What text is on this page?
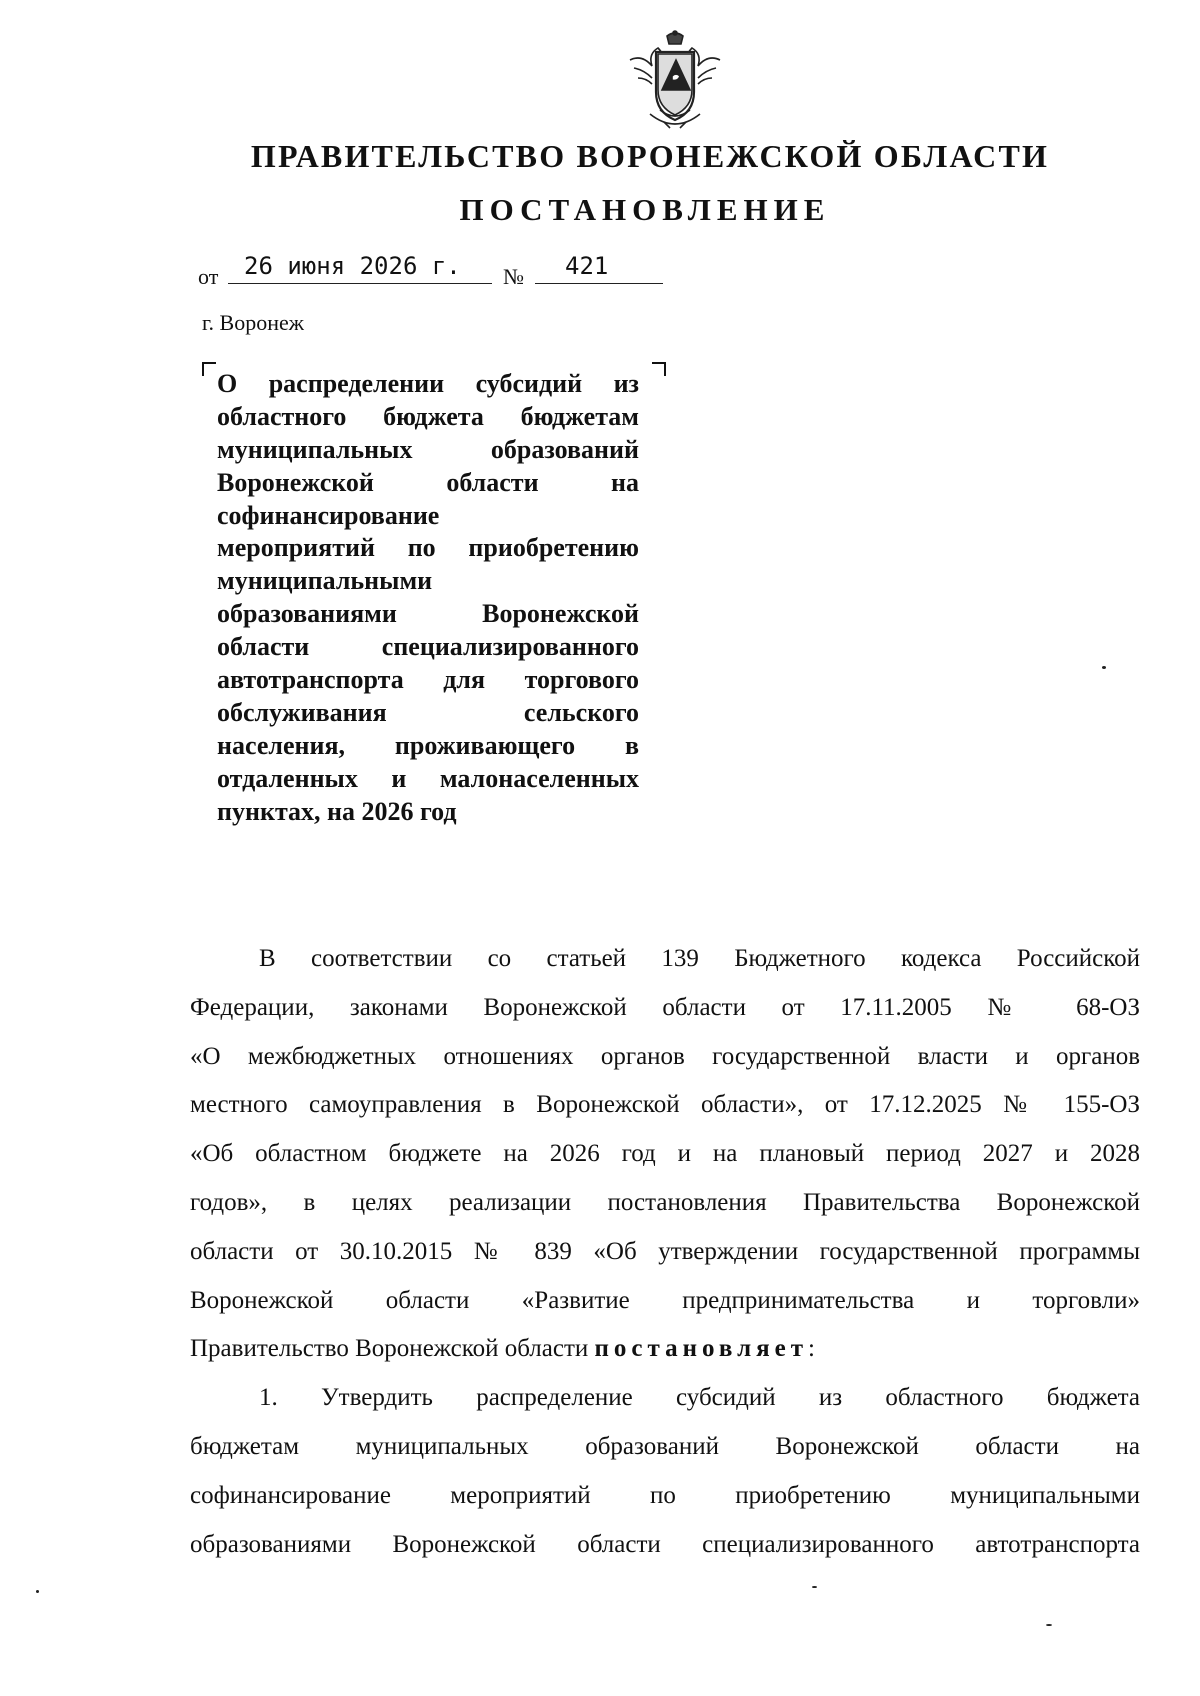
ПРАВИТЕЛЬСТВО ВОРОНЕЖСКОЙ ОБЛАСТИ
ПОСТАНОВЛЕНИЕ
от	26 июня 2026 г.	№	421
г. Воронеж
О распределении субсидий из
областного бюджета бюджетам
муниципальных образований
Воронежской области на
софинансирование
мероприятий по приобретению
муниципальными
образованиями Воронежской
области специализированного
автотранспорта для торгового
обслуживания сельского
населения, проживающего в
отдаленных и малонаселенных
пунктах, на 2026 год
В соответствии со статьей 139 Бюджетного кодекса Российской
Федерации, законами Воронежской области от 17.11.2005 № 68-ОЗ
«О межбюджетных отношениях органов государственной власти и органов
местного самоуправления в Воронежской области», от 17.12.2025 № 155-ОЗ
«Об областном бюджете на 2026 год и на плановый период 2027 и 2028
годов», в целях реализации постановления Правительства Воронежской
области от 30.10.2015 № 839 «Об утверждении государственной программы
Воронежской области «Развитие предпринимательства и торговли»
Правительство Воронежской области постановляет:
1. Утвердить распределение субсидий из областного бюджета
бюджетам муниципальных образований Воронежской области на
софинансирование мероприятий по приобретению муниципальными
образованиями Воронежской области специализированного автотранспорта
